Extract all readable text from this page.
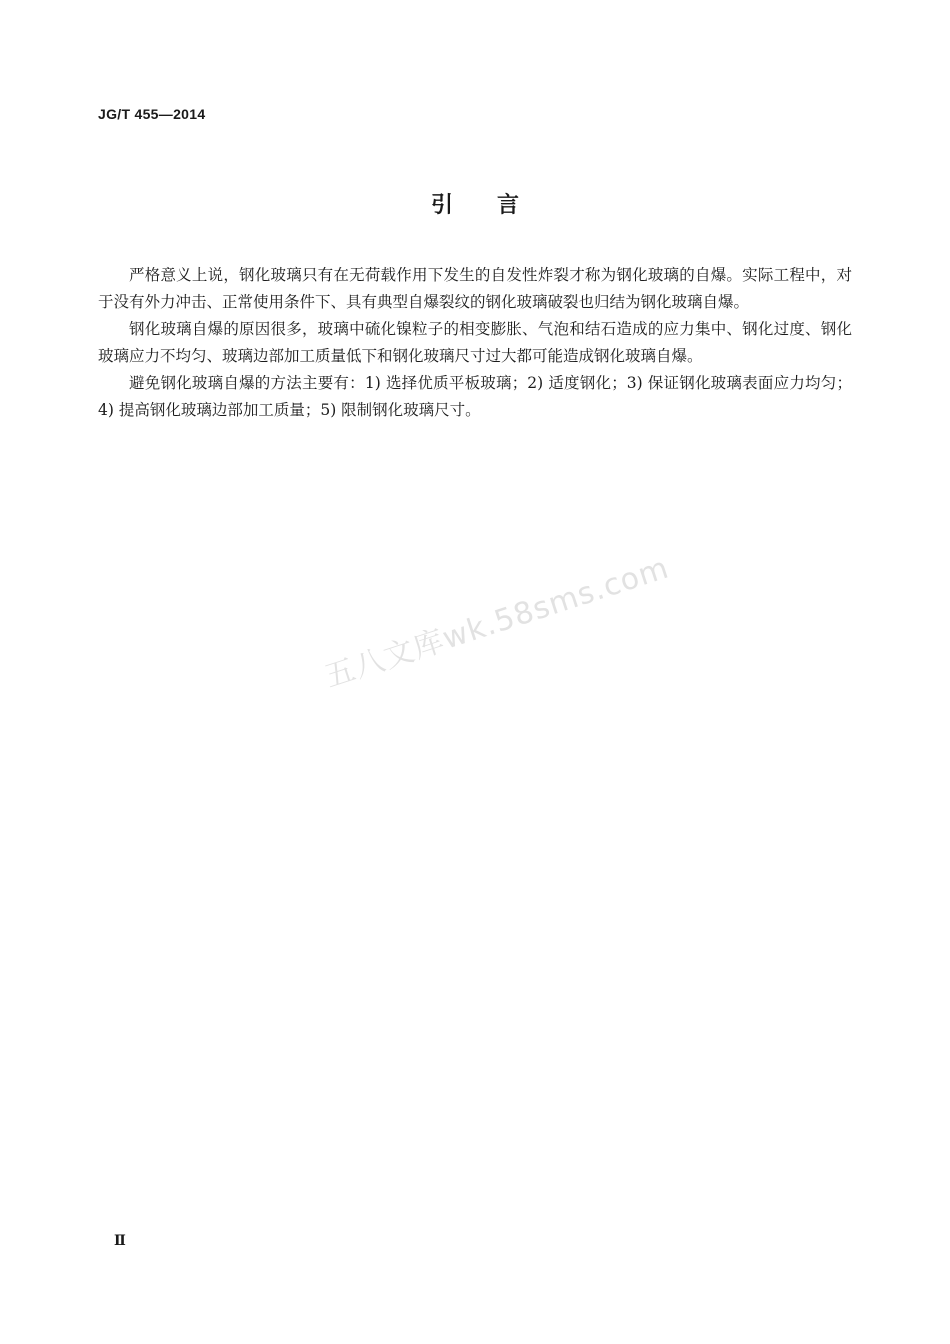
JG/T 455—2014
引言

严格意义上说，钢化玻璃只有在无荷载作用下发生的自发性炸裂才称为钢化玻璃的自爆。实际工程中，对于没有外力冲击、正常使用条件下、具有典型自爆裂纹的钢化玻璃破裂也归结为钢化玻璃自爆。

钢化玻璃自爆的原因很多，玻璃中硫化镍粒子的相变膨胀、气泡和结石造成的应力集中、钢化过度、钢化玻璃应力不均匀、玻璃边部加工质量低下和钢化玻璃尺寸过大都可能造成钢化玻璃自爆。

避免钢化玻璃自爆的方法主要有：1) 选择优质平板玻璃；2) 适度钢化；3) 保证钢化玻璃表面应力均匀；4) 提高钢化玻璃边部加工质量；5) 限制钢化玻璃尺寸。

五八文库wk.58sms.com
Ⅱ
